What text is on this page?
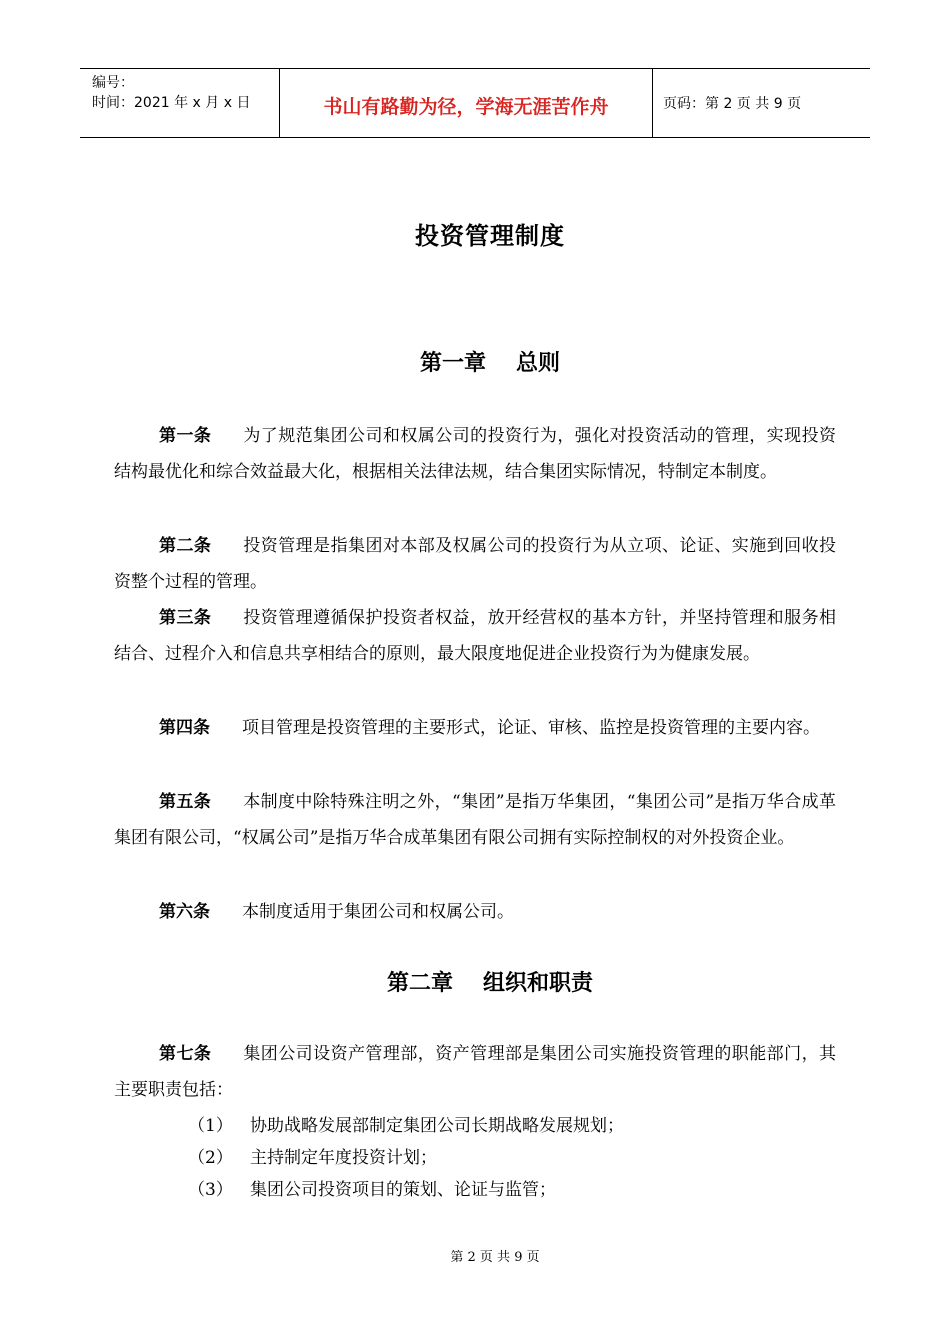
编号：
时间：2021 年 x 月 x 日	书山有路勤为径，学海无涯苦作舟	页码：第 2 页 共 9 页
投资管理制度
第一章 总则
第一条 为了规范集团公司和权属公司的投资行为，强化对投资活动的管理，实现投资结构最优化和综合效益最大化，根据相关法律法规，结合集团实际情况，特制定本制度。
第二条 投资管理是指集团对本部及权属公司的投资行为从立项、论证、实施到回收投资整个过程的管理。
第三条 投资管理遵循保护投资者权益，放开经营权的基本方针，并坚持管理和服务相结合、过程介入和信息共享相结合的原则，最大限度地促进企业投资行为为健康发展。
第四条 项目管理是投资管理的主要形式，论证、审核、监控是投资管理的主要内容。
第五条 本制度中除特殊注明之外，“集团”是指万华集团，“集团公司”是指万华合成革集团有限公司，“权属公司”是指万华合成革集团有限公司拥有实际控制权的对外投资企业。
第六条 本制度适用于集团公司和权属公司。
第二章 组织和职责
第七条 集团公司设资产管理部，资产管理部是集团公司实施投资管理的职能部门，其主要职责包括：
（1） 协助战略发展部制定集团公司长期战略发展规划；
（2） 主持制定年度投资计划；
（3） 集团公司投资项目的策划、论证与监管；
第 2 页 共 9 页
